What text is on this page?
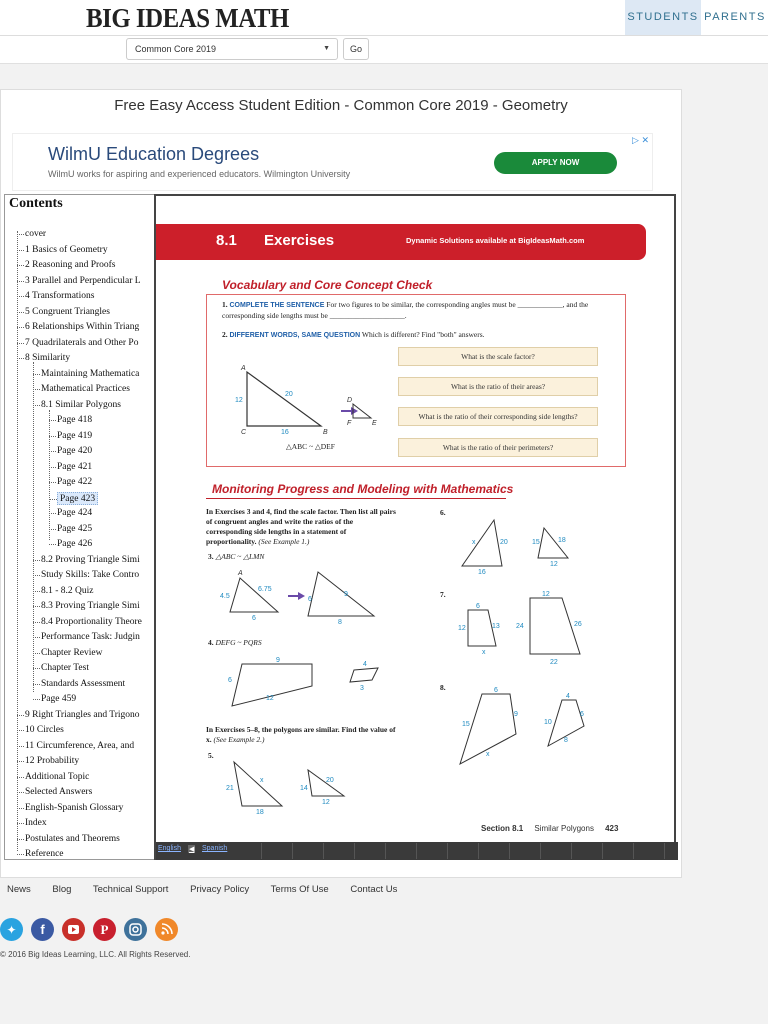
BIG IDEAS MATH	STUDENTS PARENTS
Common Core 2019	▼	Go
Free Easy Access Student Edition - Common Core 2019 - Geometry
WilmU Education Degrees
WilmU works for aspiring and experienced educators. Wilmington University
APPLY NOW
▷ ✕
Contents
cover
1 Basics of Geometry
2 Reasoning and Proofs
3 Parallel and Perpendicular L
4 Transformations
5 Congruent Triangles
6 Relationships Within Triang
7 Quadrilaterals and Other Po
8 Similarity
Maintaining Mathematica
Mathematical Practices
8.1 Similar Polygons
Page 418
Page 419
Page 420
Page 421
Page 422
Page 423
Page 424
Page 425
Page 426
8.2 Proving Triangle Simi
Study Skills: Take Contro
8.1 - 8.2 Quiz
8.3 Proving Triangle Simi
8.4 Proportionality Theore
Performance Task: Judgin
Chapter Review
Chapter Test
Standards Assessment
Page 459
9 Right Triangles and Trigono
10 Circles
11 Circumference, Area, and
12 Probability
Additional Topic
Selected Answers
English-Spanish Glossary
Index
Postulates and Theorems
Reference
8.1 Exercises	Dynamic Solutions available at BigIdeasMath.com
Vocabulary and Core Concept Check
1. COMPLETE THE SENTENCE For two figures to be similar, the corresponding angles must be ____________, and the corresponding side lengths must be ____________________.
2. DIFFERENT WORDS, SAME QUESTION Which is different? Find "both" answers.
What is the scale factor?
What is the ratio of their areas?
What is the ratio of their corresponding side lengths?
What is the ratio of their perimeters?
A
C	B
12
20
16
D
F	E
△ABC ~ △DEF
Monitoring Progress and Modeling with Mathematics
In Exercises 3 and 4, find the scale factor. Then list all pairs of congruent angles and write the ratios of the corresponding side lengths in a statement of proportionality. (See Example 1.)
3. △ABC ~ △LMN
A
4.5
6.75
6
6
9
8
4. DEFG ~ PQRS
9
6
12
4
3
In Exercises 5–8, the polygons are similar. Find the value of x. (See Example 2.)
5.
x
21
18
20
14
12
6.
x	20
16
15	18
12
7.
6
12	13
x
12
24	26
22
8.	6
15
9
x
4
10
6
8
Section 8.1 Similar Polygons 423
English ◀ Spanish
News Blog Technical Support Privacy Policy Terms Of Use Contact Us
✦ f	P
© 2016 Big Ideas Learning, LLC. All Rights Reserved.
